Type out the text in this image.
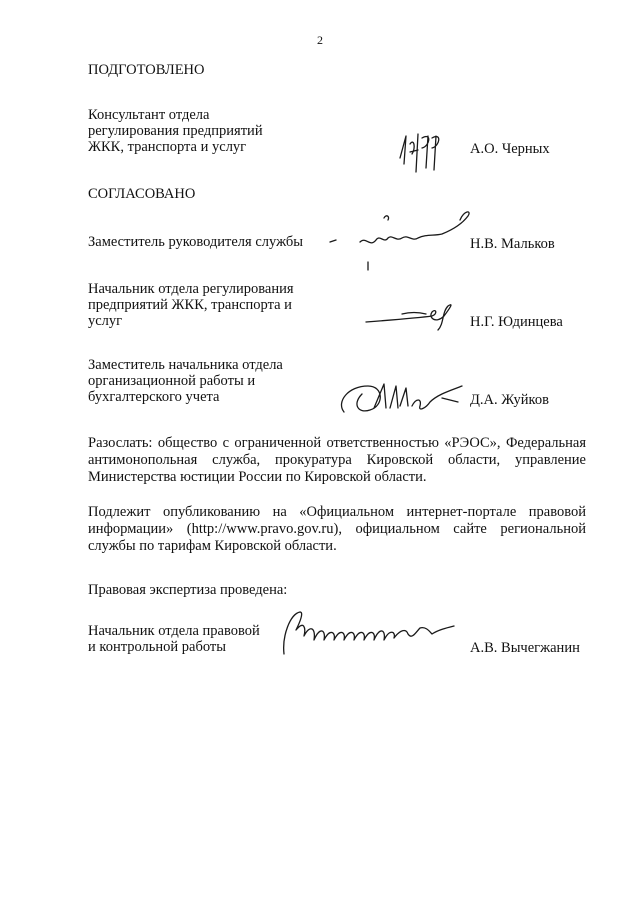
2
ПОДГОТОВЛЕНО
Консультант отдела
регулирования предприятий
ЖКК, транспорта и услуг	А.О. Черных
СОГЛАСОВАНО
Заместитель руководителя службы	Н.В. Мальков
Начальник отдела регулирования
предприятий ЖКК, транспорта и
услуг	Н.Г. Юдинцева
Заместитель начальника отдела
организационной работы и
бухгалтерского учета	Д.А. Жуйков
Разослать: общество с ограниченной ответственностью «РЭОС», Федеральная антимонопольная служба, прокуратура Кировской области, управление Министерства юстиции России по Кировской области.
Подлежит опубликованию на «Официальном интернет-портале правовой информации» (http://www.pravo.gov.ru), официальном сайте региональной службы по тарифам Кировской области.
Правовая экспертиза проведена:
Начальник отдела правовой
и контрольной работы	А.В. Вычегжанин
